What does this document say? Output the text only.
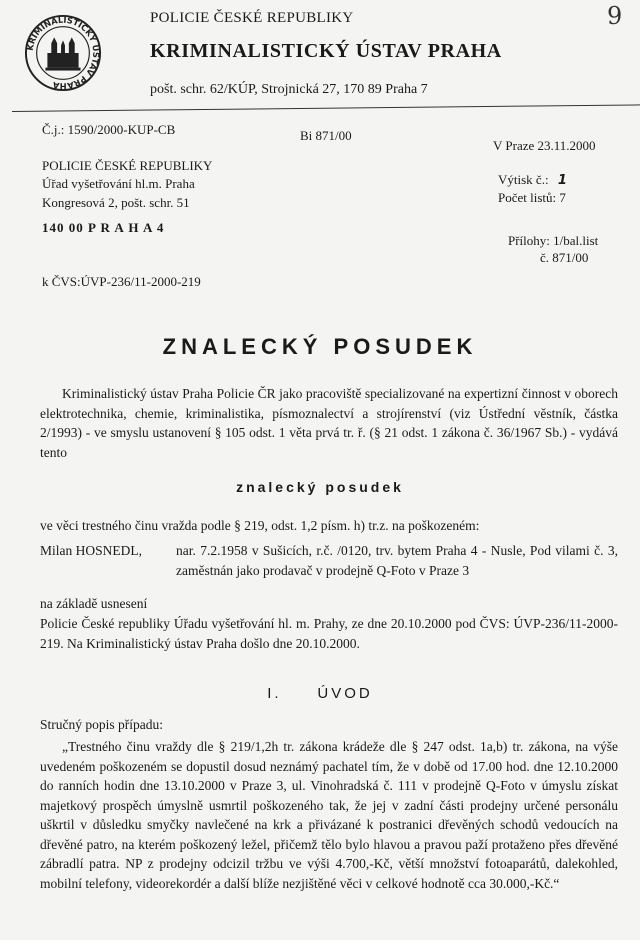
KRIMINALISTICKÝ ÚSTAV PRAHA
POLICIE ČESKÉ REPUBLIKY
KRIMINALISTICKÝ ÚSTAV PRAHA
pošt. schr. 62/KÚP, Strojnická 27, 170 89 Praha 7
9
Č.j.: 1590/2000-KUP-CB	Bi 871/00
V Praze 23.11.2000
POLICIE ČESKÉ REPUBLIKY
Úřad vyšetřování hl.m. Praha
Kongresová 2, pošt. schr. 51
140 00 P R A H A 4
Výtisk č.: 1
Počet listů: 7
Přílohy: 1/bal.list
č. 871/00
k ČVS:ÚVP-236/11-2000-219
ZNALECKÝ POSUDEK
Kriminalistický ústav Praha Policie ČR jako pracoviště specializované na expertizní činnost v oborech elektrotechnika, chemie, kriminalistika, písmoznalectví a strojírenství (viz Ústřední věstník, částka 2/1993) - ve smyslu ustanovení § 105 odst. 1 věta prvá tr. ř. (§ 21 odst. 1 zákona č. 36/1967 Sb.) - vydává tento
znalecký posudek
ve věci trestného činu vražda podle § 219, odst. 1,2 písm. h) tr.z. na poškozeném:
Milan HOSNEDL,	nar. 7.2.1958 v Sušicích, r.č. /0120, trv. bytem Praha 4 - Nusle, Pod vilami č. 3, zaměstnán jako prodavač v prodejně Q-Foto v Praze 3
na základě usnesení
Policie České republiky Úřadu vyšetřování hl. m. Prahy, ze dne 20.10.2000 pod ČVS: ÚVP-236/11-2000-219. Na Kriminalistický ústav Praha došlo dne 20.10.2000.
I.     ÚVOD
Stručný popis případu:
„Trestného činu vraždy dle § 219/1,2h tr. zákona krádeže dle § 247 odst. 1a,b) tr. zákona, na výše uvedeném poškozeném se dopustil dosud neznámý pachatel tím, že v době od 17.00 hod. dne 12.10.2000 do ranních hodin dne 13.10.2000 v Praze 3, ul. Vinohradská č. 111 v prodejně Q-Foto v úmyslu získat majetkový prospěch úmyslně usmrtil poškozeného tak, že jej v zadní části prodejny určené personálu uškrtil v důsledku smyčky navlečené na krk a přivázané k postranici dřevěných schodů vedoucích na dřevěné patro, na kterém poškozený ležel, přičemž tělo bylo hlavou a pravou paží protaženo přes dřevěné zábradlí patra. NP z prodejny odcizil tržbu ve výši 4.700,-Kč, větší množství fotoaparátů, dalekohled, mobilní telefony, videorekordér a další blíže nezjištěné věci v celkové hodnotě cca 30.000,-Kč.“
